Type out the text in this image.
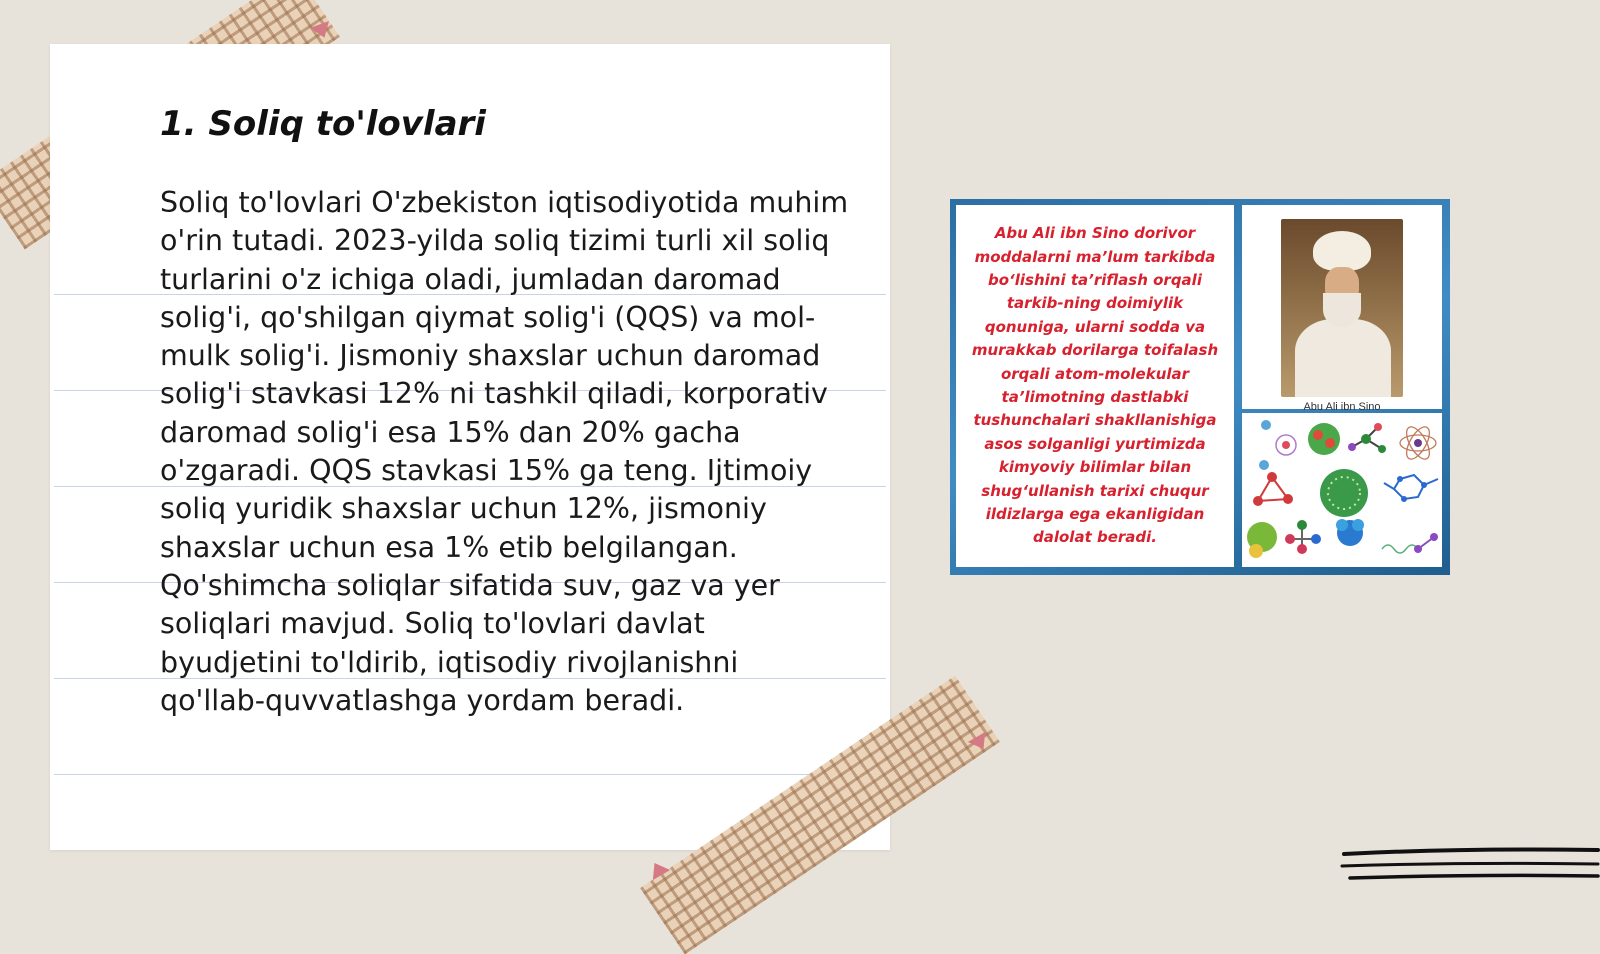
1. Soliq to'lovlari

Soliq to'lovlari O'zbekiston iqtisodiyotida muhim o'rin tutadi. 2023-yilda soliq tizimi turli xil soliq turlarini o'z ichiga oladi, jumladan daromad solig'i, qo'shilgan qiymat solig'i (QQS) va mol-mulk solig'i. Jismoniy shaxslar uchun daromad solig'i stavkasi 12% ni tashkil qiladi, korporativ daromad solig'i esa 15% dan 20% gacha o'zgaradi. QQS stavkasi 15% ga teng. Ijtimoiy soliq yuridik shaxslar uchun 12%, jismoniy shaxslar uchun esa 1% etib belgilangan. Qo'shimcha soliqlar sifatida suv, gaz va yer soliqlari mavjud. Soliq to'lovlari davlat byudjetini to'ldirib, iqtisodiy rivojlanishni qo'llab-quvvatlashga yordam beradi.

Abu Ali ibn Sino dorivor moddalarni ma’lum tarkibda bo‘lishini ta’riflash orqali tarkib-ning doimiylik qonuniga, ularni sodda va murakkab dorilarga toifalash orqali atom-molekular ta’limotning dastlabki tushunchalari shakllanishiga asos solganligi yurtimizda kimyoviy bilimlar bilan shug‘ullanish tarixi chuqur ildizlarga ega ekanligidan dalolat beradi.

Abu Ali ibn Sino
